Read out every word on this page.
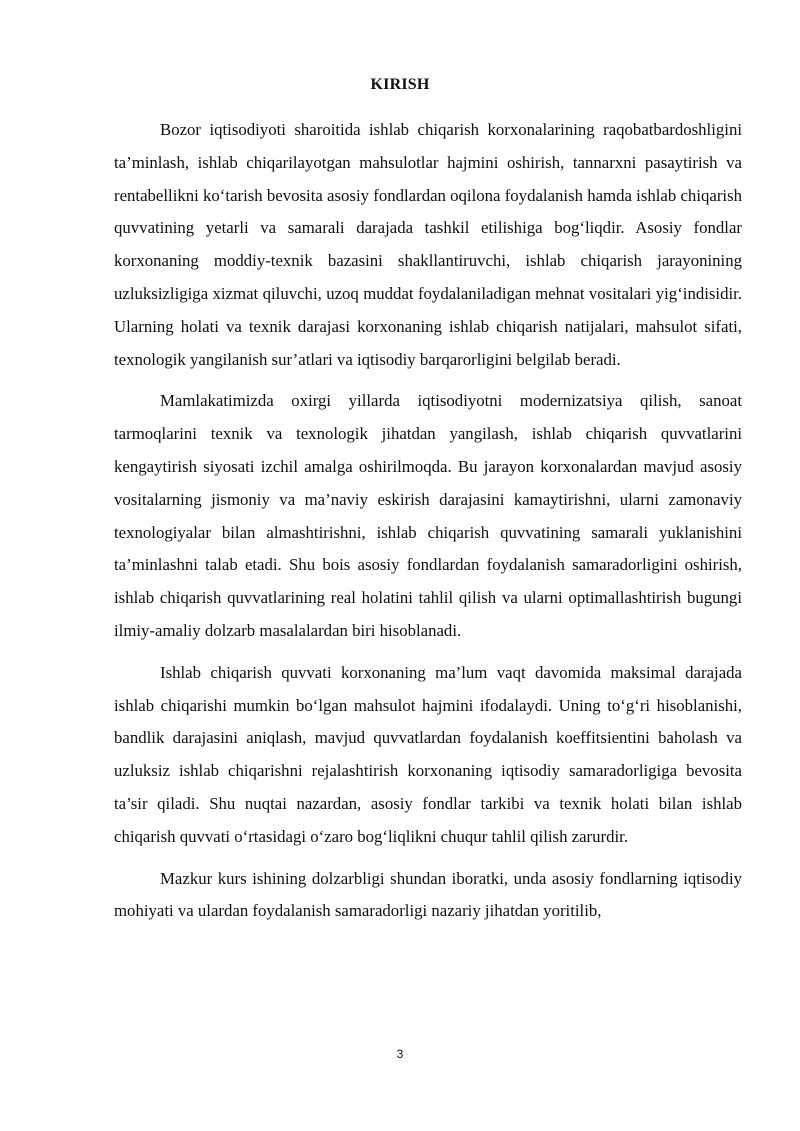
KIRISH

Bozor iqtisodiyoti sharoitida ishlab chiqarish korxonalarining raqobatbardoshligini ta’minlash, ishlab chiqarilayotgan mahsulotlar hajmini oshirish, tannarxni pasaytirish va rentabellikni ko‘tarish bevosita asosiy fondlardan oqilona foydalanish hamda ishlab chiqarish quvvatining yetarli va samarali darajada tashkil etilishiga bog‘liqdir. Asosiy fondlar korxonaning moddiy-texnik bazasini shakllantiruvchi, ishlab chiqarish jarayonining uzluksizligiga xizmat qiluvchi, uzoq muddat foydalaniladigan mehnat vositalari yig‘indisidir. Ularning holati va texnik darajasi korxonaning ishlab chiqarish natijalari, mahsulot sifati, texnologik yangilanish sur’atlari va iqtisodiy barqarorligini belgilab beradi.

Mamlakatimizda oxirgi yillarda iqtisodiyotni modernizatsiya qilish, sanoat tarmoqlarini texnik va texnologik jihatdan yangilash, ishlab chiqarish quvvatlarini kengaytirish siyosati izchil amalga oshirilmoqda. Bu jarayon korxonalardan mavjud asosiy vositalarning jismoniy va ma’naviy eskirish darajasini kamaytirishni, ularni zamonaviy texnologiyalar bilan almashtirishni, ishlab chiqarish quvvatining samarali yuklanishini ta’minlashni talab etadi. Shu bois asosiy fondlardan foydalanish samaradorligini oshirish, ishlab chiqarish quvvatlarining real holatini tahlil qilish va ularni optimallashtirish bugungi ilmiy-amaliy dolzarb masalalardan biri hisoblanadi.

Ishlab chiqarish quvvati korxonaning ma’lum vaqt davomida maksimal darajada ishlab chiqarishi mumkin bo‘lgan mahsulot hajmini ifodalaydi. Uning to‘g‘ri hisoblanishi, bandlik darajasini aniqlash, mavjud quvvatlardan foydalanish koeffitsientini baholash va uzluksiz ishlab chiqarishni rejalashtirish korxonaning iqtisodiy samaradorligiga bevosita ta’sir qiladi. Shu nuqtai nazardan, asosiy fondlar tarkibi va texnik holati bilan ishlab chiqarish quvvati o‘rtasidagi o‘zaro bog‘liqlikni chuqur tahlil qilish zarurdir.

Mazkur kurs ishining dolzarbligi shundan iboratki, unda asosiy fondlarning iqtisodiy mohiyati va ulardan foydalanish samaradorligi nazariy jihatdan yoritilib,

3
